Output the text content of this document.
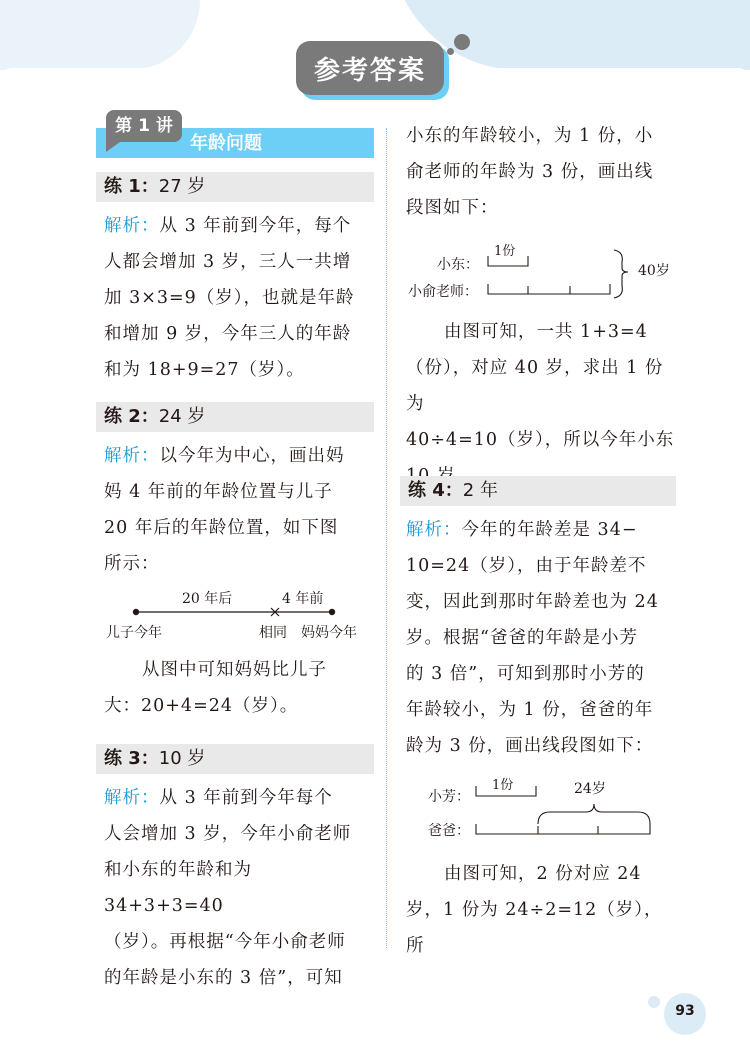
参考答案
第 1 讲
年龄问题
练 1：27 岁
解析：从 3 年前到今年，每个
人都会增加 3 岁，三人一共增
加 3×3=9（岁），也就是年龄
和增加 9 岁，今年三人的年龄
和为 18+9=27（岁）。
练 2：24 岁
解析：以今年为中心，画出妈
妈 4 年前的年龄位置与儿子
20 年后的年龄位置，如下图
所示：
20 年后	4 年前
儿子今年	相同 妈妈今年
从图中可知妈妈比儿子
大：20+4=24（岁）。
练 3：10 岁
解析：从 3 年前到今年每个
人会增加 3 岁，今年小俞老师
和小东的年龄和为 34+3+3=40
（岁）。再根据“今年小俞老师
的年龄是小东的 3 倍”，可知
小东的年龄较小，为 1 份，小
俞老师的年龄为 3 份，画出线
段图如下：
1份
小东：
小俞老师：
40岁
由图可知，一共 1+3=4
（份），对应 40 岁，求出 1 份为
40÷4=10（岁），所以今年小东

练 4：2 年
解析：今年的年龄差是 34−
10=24（岁），由于年龄差不
变，因此到那时年龄差也为 24
岁。根据“爸爸的年龄是小芳
的 3 倍”，可知到那时小芳的
年龄较小，为 1 份，爸爸的年
龄为 3 份，画出线段图如下：
1份	24岁
小芳：
爸爸：
由图可知，2 份对应 24
岁，1 份为 24÷2=12（岁），所
93
